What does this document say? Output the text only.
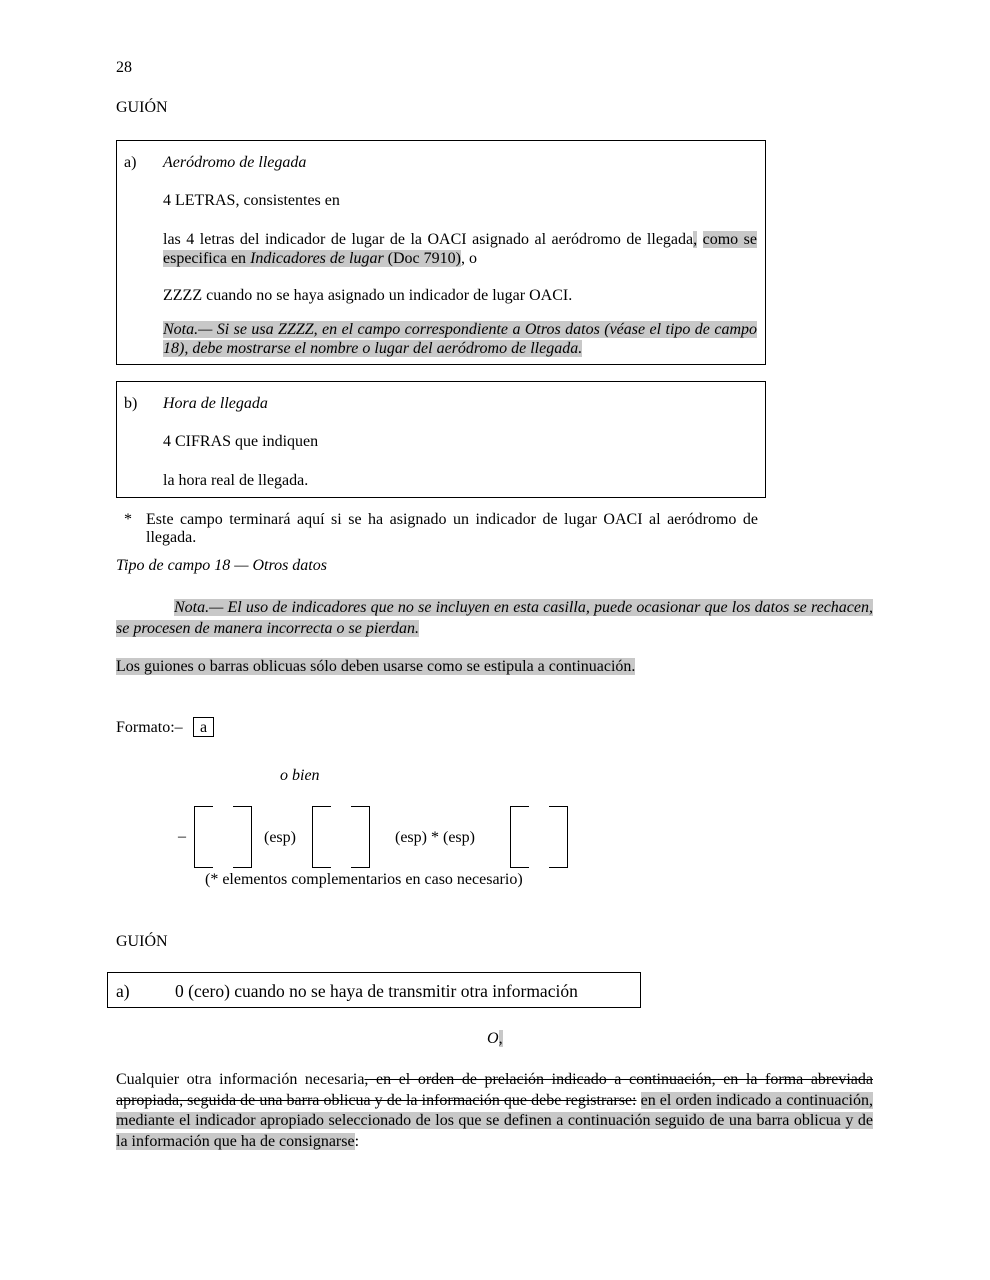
28
GUIÓN
a) Aeródromo de llegada
4 LETRAS, consistentes en
las 4 letras del indicador de lugar de la OACI asignado al aeródromo de llegada, como se especifica en Indicadores de lugar (Doc 7910), o
ZZZZ cuando no se haya asignado un indicador de lugar OACI.
Nota.— Si se usa ZZZZ, en el campo correspondiente a Otros datos (véase el tipo de campo 18), debe mostrarse el nombre o lugar del aeródromo de llegada.
b) Hora de llegada
4 CIFRAS que indiquen
la hora real de llegada.
* Este campo terminará aquí si se ha asignado un indicador de lugar OACI al aeródromo de llegada.
Tipo de campo 18 — Otros datos
Nota.— El uso de indicadores que no se incluyen en esta casilla, puede ocasionar que los datos se rechacen, se procesen de manera incorrecta o se pierdan.
Los guiones o barras oblicuas sólo deben usarse como se estipula a continuación.
Formato:–	a
o bien
–	(esp)	(esp) * (esp)
(* elementos complementarios en caso necesario)
GUIÓN
a)	0 (cero) cuando no se haya de transmitir otra información
O,
Cualquier otra información necesaria, en el orden de prelación indicado a continuación, en la forma abreviada apropiada, seguida de una barra oblicua y de la información que debe registrarse: en el orden indicado a continuación, mediante el indicador apropiado seleccionado de los que se definen a continuación seguido de una barra oblicua y de la información que ha de consignarse:
